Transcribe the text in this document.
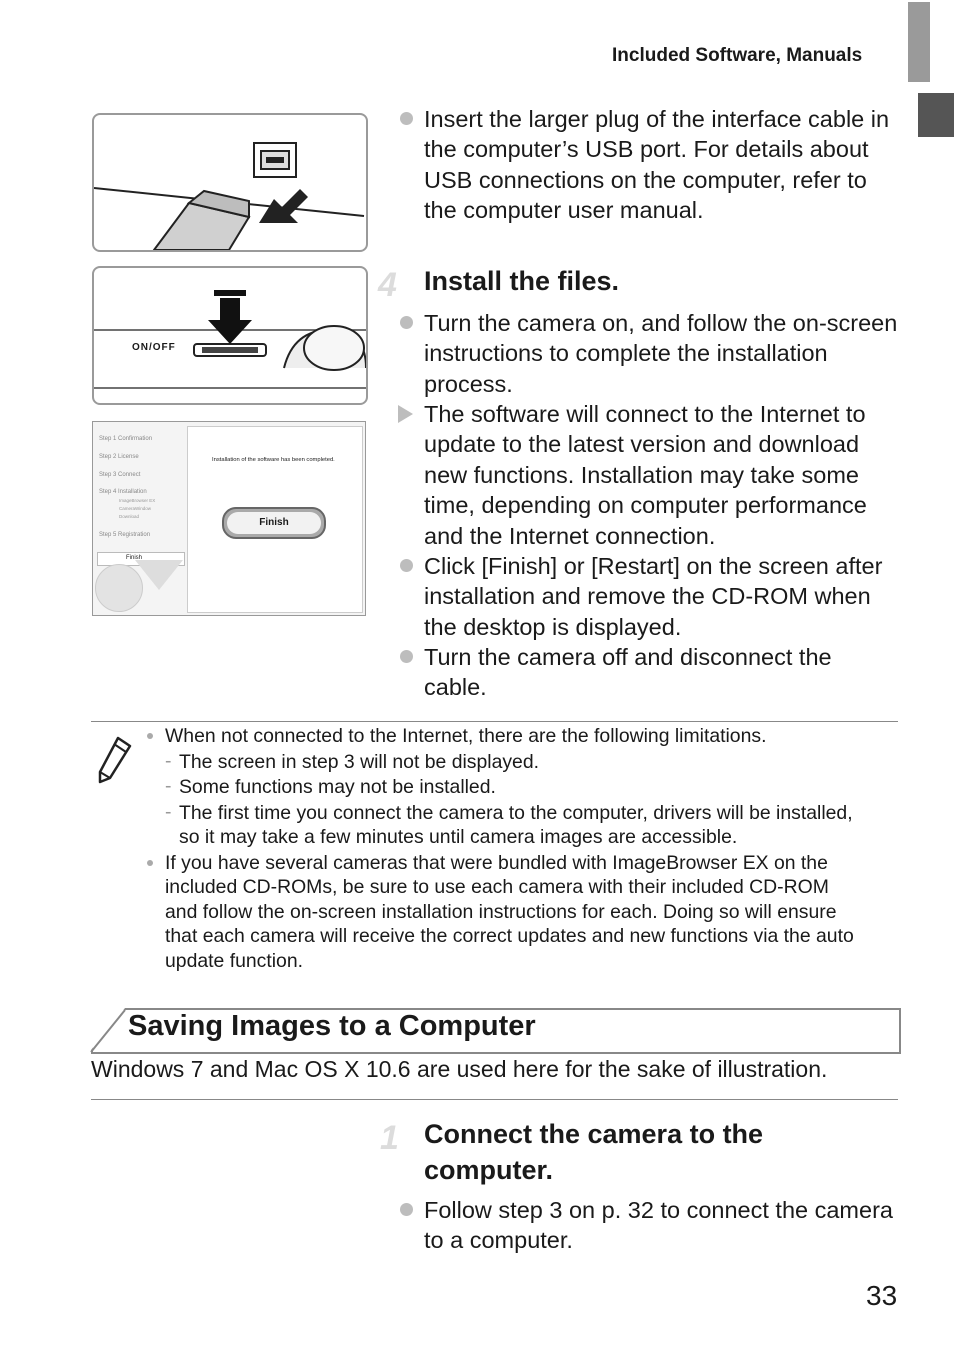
Included Software, Manuals
ON/OFF
Step 1 Confirmation
Step 2 License
Step 3 Connect
Step 4 Installation
ImageBrowser EX
CameraWindow
Download
Step 5 Registration
Finish
Installation of the software has been completed.
Finish
Insert the larger plug of the interface cable in
the computer’s USB port. For details about
USB connections on the computer, refer to
the computer user manual.
4 Install the files.
Turn the camera on, and follow the on-screen
instructions to complete the installation
process.
The software will connect to the Internet to
update to the latest version and download
new functions. Installation may take some
time, depending on computer performance
and the Internet connection.
Click [Finish] or [Restart] on the screen after
installation and remove the CD-ROM when
the desktop is displayed.
Turn the camera off and disconnect the
cable.
When not connected to the Internet, there are the following limitations.
- The screen in step 3 will not be displayed.
- Some functions may not be installed.
- The first time you connect the camera to the computer, drivers will be installed,
so it may take a few minutes until camera images are accessible.
If you have several cameras that were bundled with ImageBrowser EX on the
included CD-ROMs, be sure to use each camera with their included CD-ROM
and follow the on-screen installation instructions for each. Doing so will ensure
that each camera will receive the correct updates and new functions via the auto
update function.
Saving Images to a Computer
Windows 7 and Mac OS X 10.6 are used here for the sake of illustration.
1 Connect the camera to the
computer.
Follow step 3 on p. 32 to connect the camera
to a computer.
33
